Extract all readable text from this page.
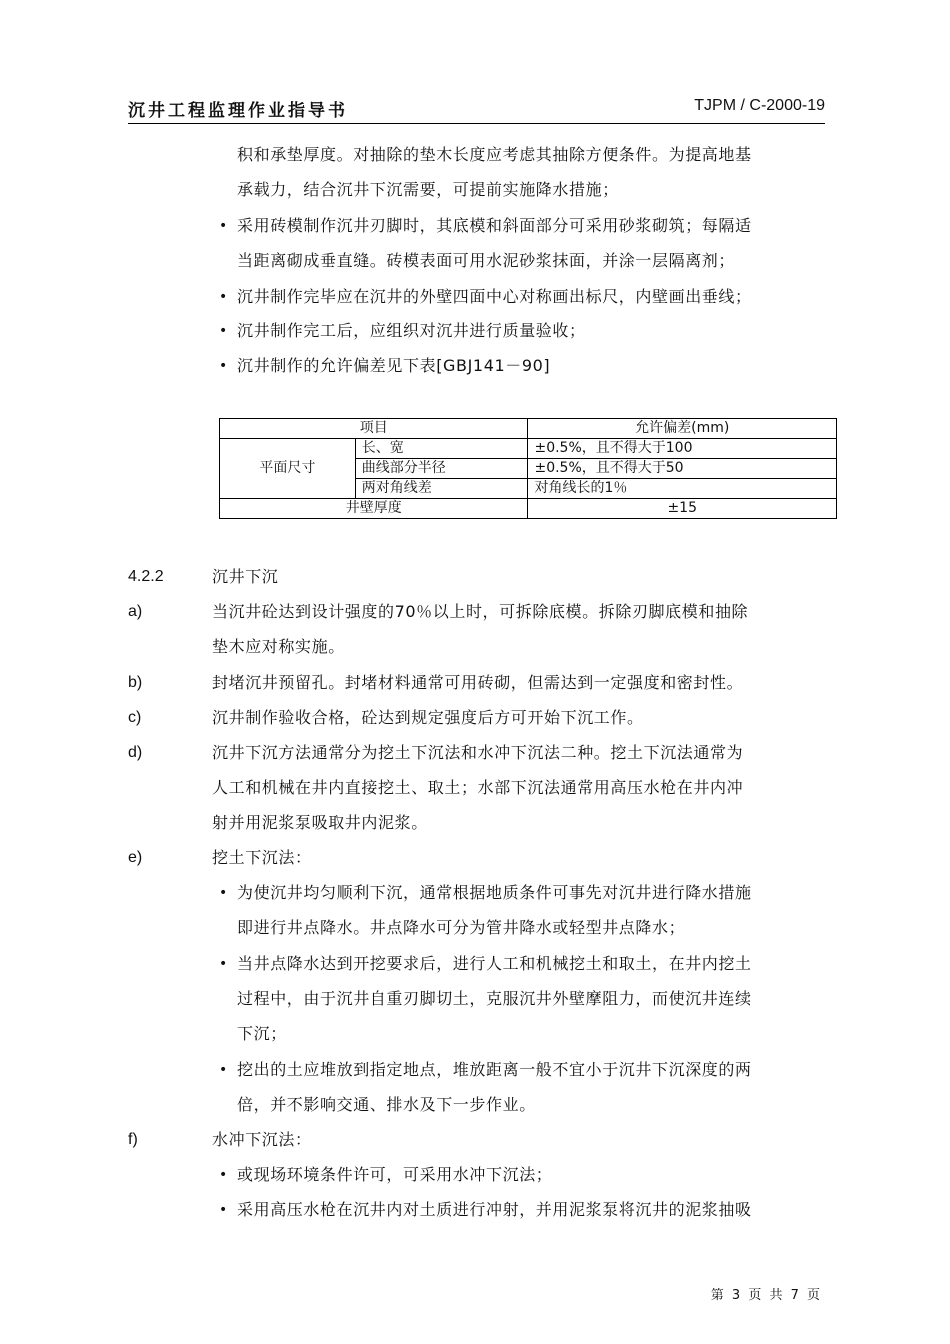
沉井工程监理作业指导书	TJPM / C-2000-19
积和承垫厚度。对抽除的垫木长度应考虑其抽除方便条件。为提高地基
承载力，结合沉井下沉需要，可提前实施降水措施；
• 采用砖模制作沉井刃脚时，其底模和斜面部分可采用砂浆砌筑；每隔适
当距离砌成垂直缝。砖模表面可用水泥砂浆抹面，并涂一层隔离剂；
• 沉井制作完毕应在沉井的外壁四面中心对称画出标尺，内壁画出垂线；
• 沉井制作完工后，应组织对沉井进行质量验收；
• 沉井制作的允许偏差见下表[GBJ141－90]
项目		允许偏差(mm)
平面尺寸	长、宽	±0.5%，且不得大于100
	曲线部分半径	±0.5%，且不得大于50
	两对角线差	对角线长的1％
井壁厚度		±15
4.2.2	沉井下沉
a)	当沉井砼达到设计强度的70％以上时，可拆除底模。拆除刃脚底模和抽除
垫木应对称实施。
b)	封堵沉井预留孔。封堵材料通常可用砖砌，但需达到一定强度和密封性。
c)	沉井制作验收合格，砼达到规定强度后方可开始下沉工作。
d)	沉井下沉方法通常分为挖土下沉法和水冲下沉法二种。挖土下沉法通常为
人工和机械在井内直接挖土、取土；水部下沉法通常用高压水枪在井内冲
射并用泥浆泵吸取井内泥浆。
e)	挖土下沉法：
• 为使沉井均匀顺利下沉，通常根据地质条件可事先对沉井进行降水措施
即进行井点降水。井点降水可分为管井降水或轻型井点降水；
• 当井点降水达到开挖要求后，进行人工和机械挖土和取土，在井内挖土
过程中，由于沉井自重刃脚切土，克服沉井外壁摩阻力，而使沉井连续
下沉；
• 挖出的土应堆放到指定地点，堆放距离一般不宜小于沉井下沉深度的两
倍，并不影响交通、排水及下一步作业。
f)	水冲下沉法：
• 或现场环境条件许可，可采用水冲下沉法；
• 采用高压水枪在沉井内对土质进行冲射，并用泥浆泵将沉井的泥浆抽吸
第 3 页 共 7 页
